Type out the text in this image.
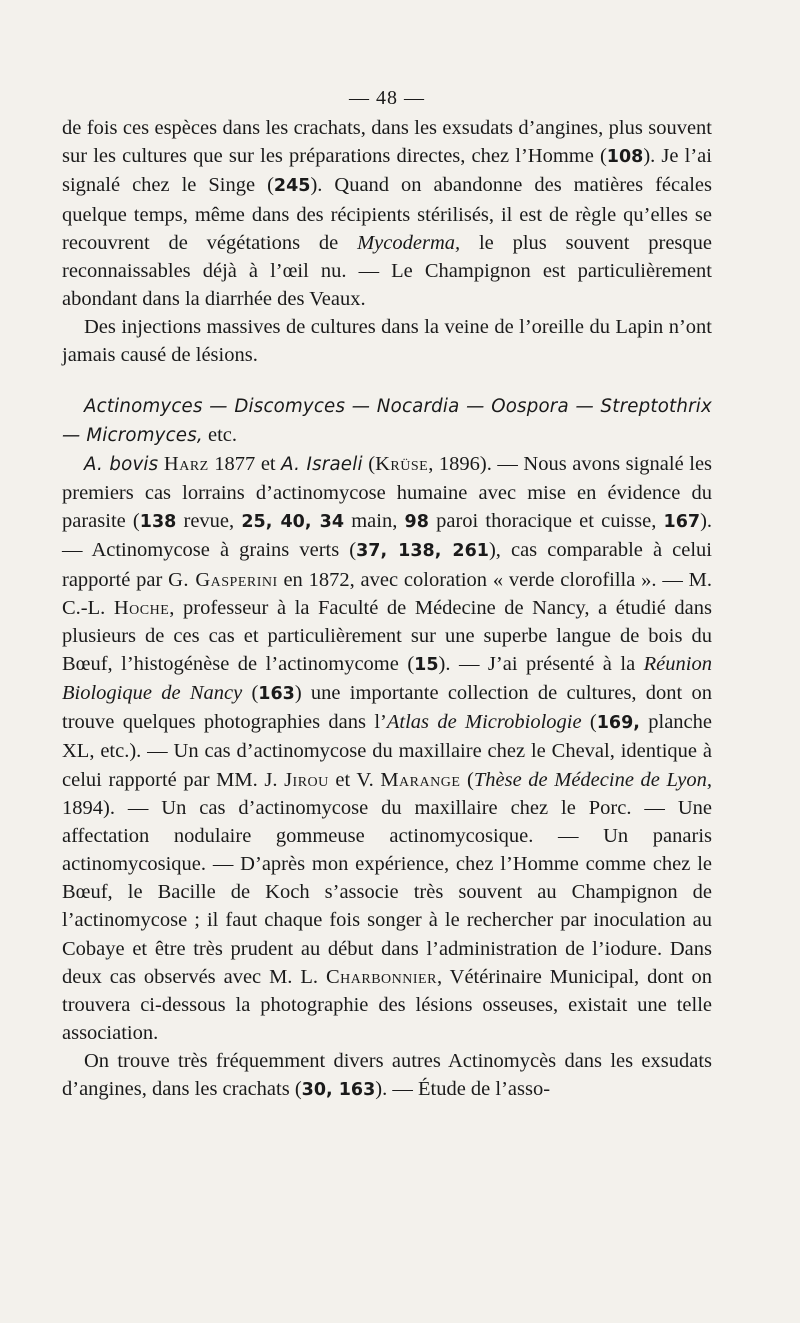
— 48 —

de fois ces espèces dans les crachats, dans les exsudats d’angines, plus souvent sur les cultures que sur les préparations directes, chez l’Homme (108). Je l’ai signalé chez le Singe (245). Quand on abandonne des matières fécales quelque temps, même dans des récipients stérilisés, il est de règle qu’elles se recouvrent de végétations de Mycoderma, le plus souvent presque reconnaissables déjà à l’œil nu. — Le Champignon est particulièrement abondant dans la diarrhée des Veaux.

Des injections massives de cultures dans la veine de l’oreille du Lapin n’ont jamais causé de lésions.

Actinomyces — Discomyces — Nocardia — Oospora — Streptothrix — Micromyces, etc.

A. bovis Harz 1877 et A. Israeli (Krüse, 1896). — Nous avons signalé les premiers cas lorrains d’actinomycose humaine avec mise en évidence du parasite (138 revue, 25, 40, 34 main, 98 paroi thoracique et cuisse, 167). — Actinomycose à grains verts (37, 138, 261), cas comparable à celui rapporté par G. Gasperini en 1872, avec coloration « verde clorofilla ». — M. C.-L. Hoche, professeur à la Faculté de Médecine de Nancy, a étudié dans plusieurs de ces cas et particulièrement sur une superbe langue de bois du Bœuf, l’histogénèse de l’actinomycome (15). — J’ai présenté à la Réunion Biologique de Nancy (163) une importante collection de cultures, dont on trouve quelques photographies dans l’Atlas de Microbiologie (169, planche XL, etc.). — Un cas d’actinomycose du maxillaire chez le Cheval, identique à celui rapporté par MM. J. Jirou et V. Marange (Thèse de Médecine de Lyon, 1894). — Un cas d’actinomycose du maxillaire chez le Porc. — Une affectation nodulaire gommeuse actinomycosique. — Un panaris actinomycosique. — D’après mon expérience, chez l’Homme comme chez le Bœuf, le Bacille de Koch s’associe très souvent au Champignon de l’actinomycose ; il faut chaque fois songer à le rechercher par inoculation au Cobaye et être très prudent au début dans l’administration de l’iodure. Dans deux cas observés avec M. L. Charbonnier, Vétérinaire Municipal, dont on trouvera ci-dessous la photographie des lésions osseuses, existait une telle association.

On trouve très fréquemment divers autres Actinomycès dans les exsudats d’angines, dans les crachats (30, 163). — Étude de l’asso-
